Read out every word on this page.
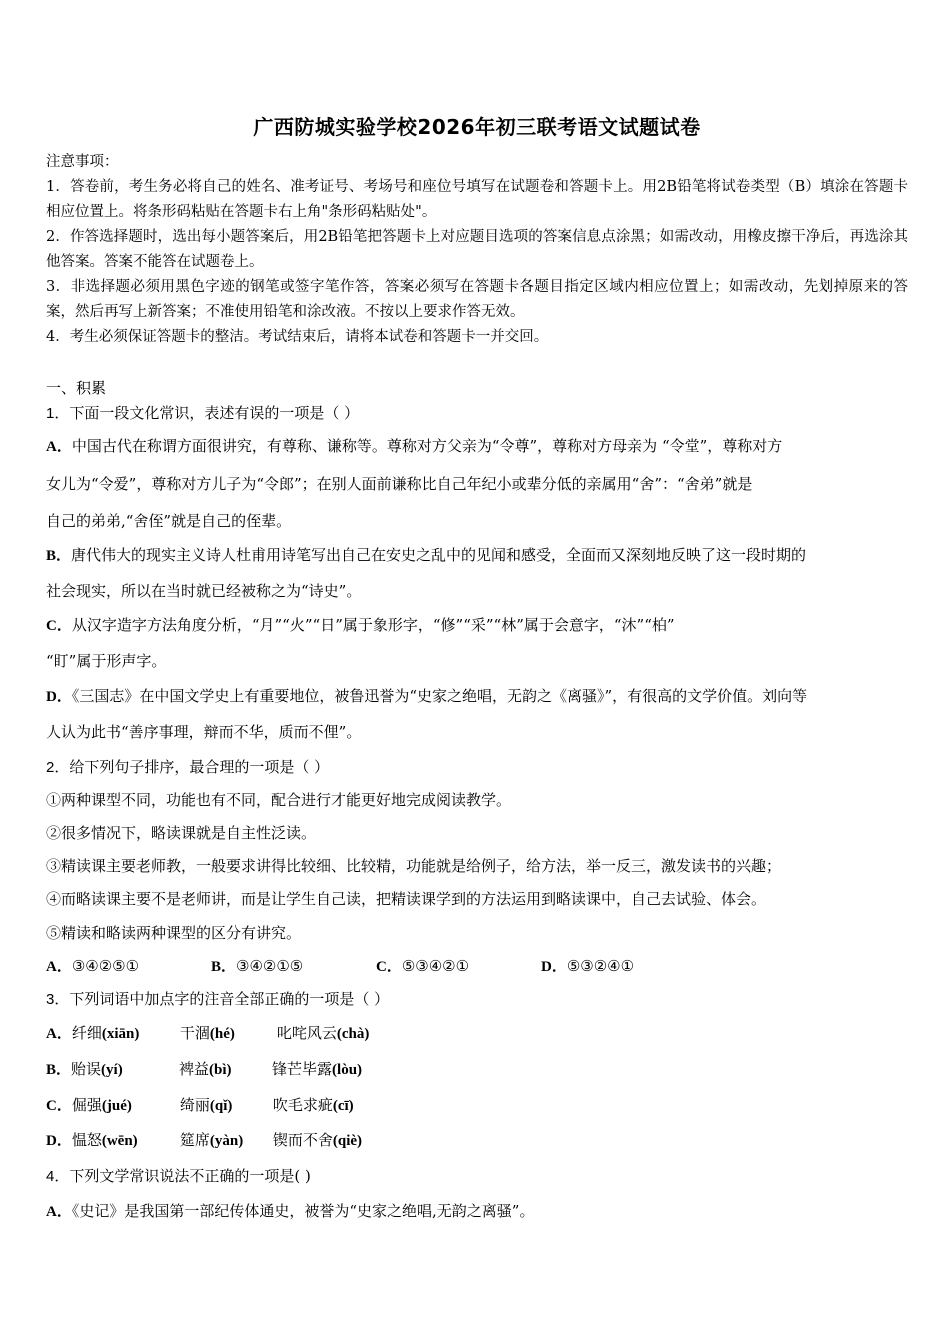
广西防城实验学校2026年初三联考语文试题试卷

注意事项：

1．答卷前，考生务必将自己的姓名、准考证号、考场号和座位号填写在试题卷和答题卡上。用2B铅笔将试卷类型（B）填涂在答题卡相应位置上。将条形码粘贴在答题卡右上角"条形码粘贴处"。

2．作答选择题时，选出每小题答案后，用2B铅笔把答题卡上对应题目选项的答案信息点涂黑；如需改动，用橡皮擦干净后，再选涂其他答案。答案不能答在试题卷上。

3．非选择题必须用黑色字迹的钢笔或签字笔作答，答案必须写在答题卡各题目指定区域内相应位置上；如需改动，先划掉原来的答案，然后再写上新答案；不准使用铅笔和涂改液。不按以上要求作答无效。

4．考生必须保证答题卡的整洁。考试结束后，请将本试卷和答题卡一并交回。

一、积累
1．下面一段文化常识，表述有误的一项是（ ）
A．中国古代在称谓方面很讲究，有尊称、谦称等。尊称对方父亲为“令尊”，尊称对方母亲为 “令堂”，尊称对方
女儿为“令爱”，尊称对方儿子为“令郎”；在别人面前谦称比自己年纪小或辈分低的亲属用“舍”：“舍弟”就是
自己的弟弟,“舍侄”就是自己的侄辈。
B．唐代伟大的现实主义诗人杜甫用诗笔写出自己在安史之乱中的见闻和感受，全面而又深刻地反映了这一段时期的
社会现实，所以在当时就已经被称之为“诗史”。
C．从汉字造字方法角度分析，“月”“火”“日”属于象形字，“修”“采”“林”属于会意字，“沐”“柏”
“盯”属于形声字。
D．《三国志》在中国文学史上有重要地位，被鲁迅誉为“史家之绝唱，无韵之《离骚》”，有很高的文学价值。刘向等
人认为此书“善序事理，辩而不华，质而不俚”。
2．给下列句子排序，最合理的一项是（ ）
①两种课型不同，功能也有不同，配合进行才能更好地完成阅读教学。
②很多情况下，略读课就是自主性泛读。
③精读课主要老师教，一般要求讲得比较细、比较精，功能就是给例子，给方法，举一反三，激发读书的兴趣；
④而略读课主要不是老师讲，而是让学生自己读，把精读课学到的方法运用到略读课中，自己去试验、体会。
⑤精读和略读两种课型的区分有讲究。
A．③④②⑤①	B．③④②①⑤	C．⑤③④②①	D．⑤③②④①
3．下列词语中加点字的注音全部正确的一项是（ ）
A．纤细(xiān)	干涸(hé)	叱咤风云(chà)
B．贻误(yí)	裨益(bì)	锋芒毕露(lòu)
C．倔强(jué)	绮丽(qǐ)	吹毛求疵(cī)
D．愠怒(wēn)	筵席(yàn) 锲而不舍(qiè)
4．下列文学常识说法不正确的一项是( )
A．《史记》是我国第一部纪传体通史，被誉为“史家之绝唱,无韵之离骚”。
